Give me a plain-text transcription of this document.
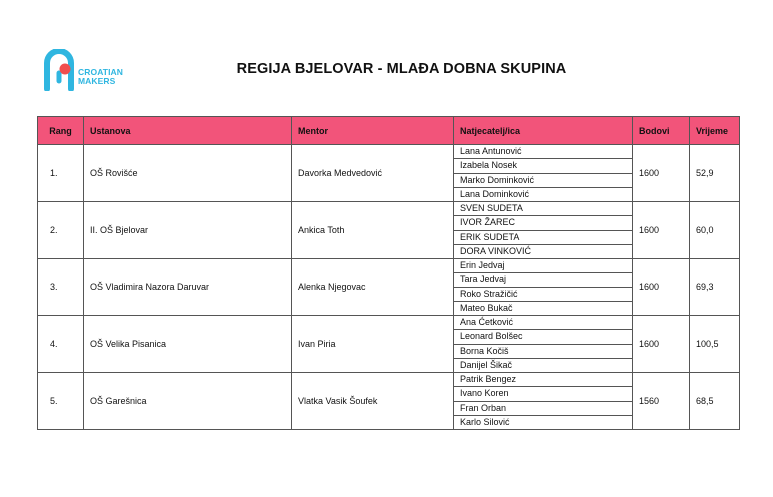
CROATIAN
MAKERS
REGIJA BJELOVAR - MLAĐA DOBNA SKUPINA
Rang	Ustanova	Mentor	Natjecatelj/ica	Bodovi	Vrijeme
1.	OŠ Rovišće	Davorka Medvedović	Lana Antunović
Izabela Nosek
Marko Dominković
Lana Dominković	1600	52,9
2.	II. OŠ Bjelovar	Ankica Toth	SVEN SUDETA
IVOR ŽAREC
ERIK SUDETA
DORA VINKOVIĆ	1600	60,0
3.	OŠ Vladimira Nazora Daruvar	Alenka Njegovac	Erin Jedvaj
Tara Jedvaj
Roko Stražičić
Mateo Bukač	1600	69,3
4.	OŠ Velika Pisanica	Ivan Piria	Ana Ćetković
Leonard Bolšec
Borna Kočiš
Danijel Šikač	1600	100,5
5.	OŠ Garešnica	Vlatka Vasik Šoufek	Patrik Bengez
Ivano Koren
Fran Orban
Karlo Silović	1560	68,5
